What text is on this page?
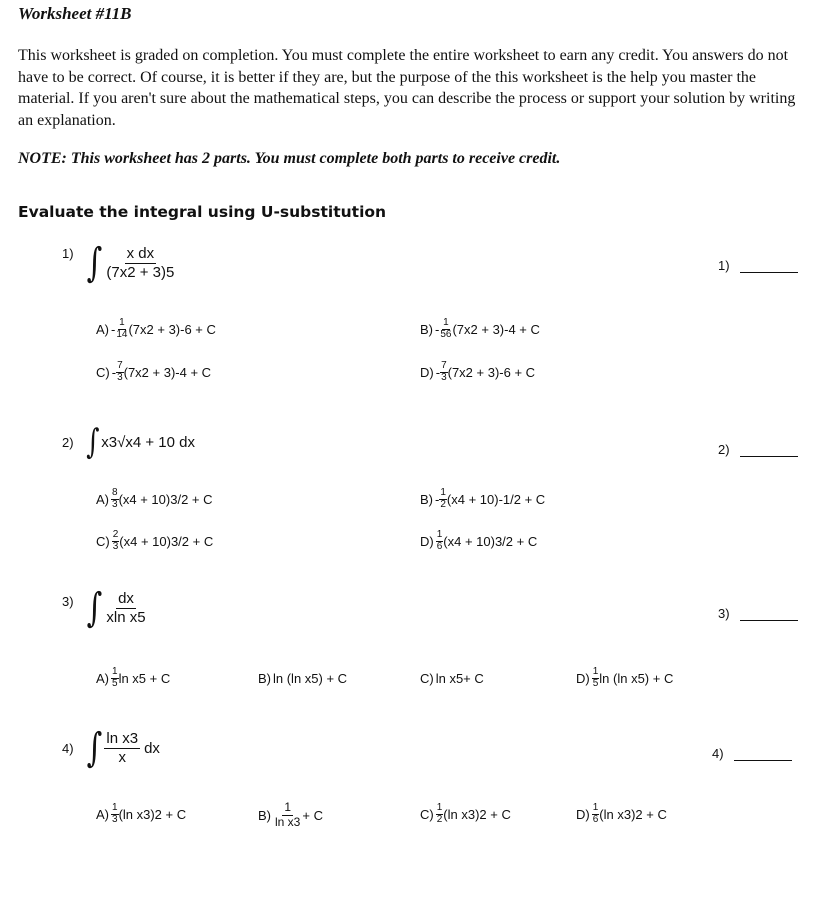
Worksheet #11B
This worksheet is graded on completion. You must complete the entire worksheet to earn any credit. You answers do not have to be correct. Of course, it is better if they are, but the purpose of the this worksheet is the help you master the material. If you aren't sure about the mathematical steps, you can describe the process or support your solution by writing an explanation.
NOTE: This worksheet has 2 parts. You must complete both parts to receive credit.
Evaluate the integral using U-substitution
1) ∫ $\frac{\text{x dx}}{(7x2 + 3)5}$	1)
$A) - \frac{1}{14} (7x2 + 3)-6 + C$	$B) - \frac{1}{56} (7x2 + 3)-4 + C$
$C) - \frac{7}{3} (7x2 + 3)-4 + C$	$D) - \frac{7}{3} (7x2 + 3)-6 + C$
2) ∫ x3√x4 + 10 dx	2)
$A) \frac{8}{3} (x4 + 10)3/2 + C$	$B) - \frac{1}{2} (x4 + 10)-1/2 + C$
$C) \frac{2}{3} (x4 + 10)3/2 + C$	$D) \frac{1}{6} (x4 + 10)3/2 + C$
3) ∫ $\frac{dx}{\text{xln x5}}$	3)
$A) \frac{1}{5}$ ln x5 + C	B) ln (ln x5) + C	C) ln x5+ C	$D) \frac{1}{5}$ ln (ln x5) + C
4) ∫ $\frac{\text{ln x3}}{x}$ dx	4)
$A) \frac{1}{3} (\ln$ x3)2 + C	$B) \frac{1}{\text{ln x3}} + C$	$C) \frac{1}{2} (\ln$ x3)2 + C	$D) \frac{1}{6} (\ln$ x3)2 + C
